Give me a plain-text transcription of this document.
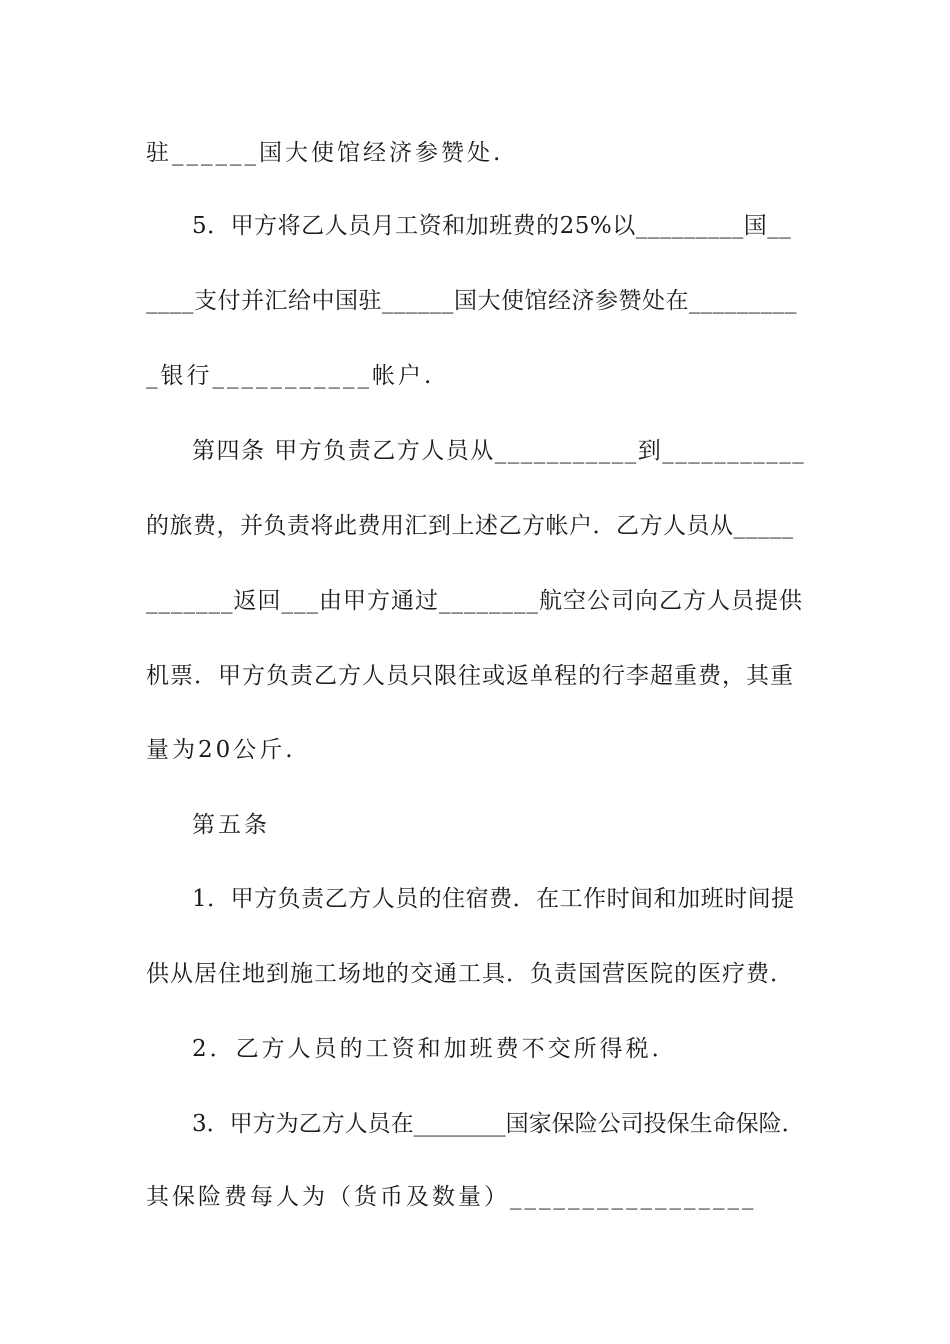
驻______国大使馆经济参赞处.
5．甲方将乙人员月工资和加班费的25%以_________国__
____支付并汇给中国驻______国大使馆经济参赞处在_________
_银行___________帐户.
第四条 甲方负责乙方人员从___________到___________
的旅费，并负责将此费用汇到上述乙方帐户．乙方人员从_____
_______返回___由甲方通过________航空公司向乙方人员提供
机票．甲方负责乙方人员只限往或返单程的行李超重费，其重
量为20公斤.
第五条
1．甲方负责乙方人员的住宿费．在工作时间和加班时间提
供从居住地到施工场地的交通工具．负责国营医院的医疗费．
2．乙方人员的工资和加班费不交所得税．
3．甲方为乙方人员在________国家保险公司投保生命保险．
其保险费每人为（货币及数量）_________________
